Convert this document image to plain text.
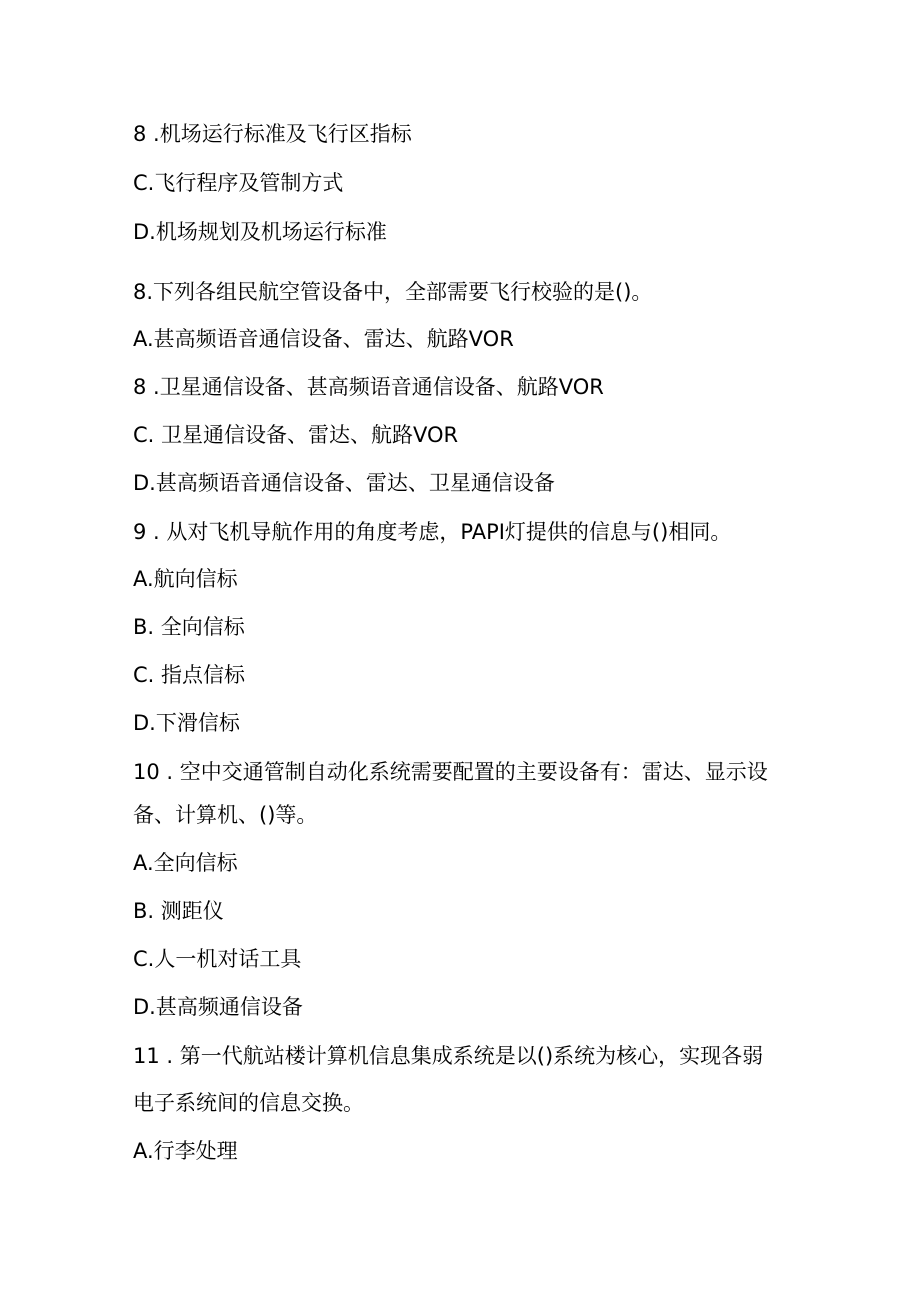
8 .机场运行标准及飞行区指标

C.飞行程序及管制方式

D.机场规划及机场运行标准

8.下列各组民航空管设备中，全部需要飞行校验的是()。

A.甚高频语音通信设备、雷达、航路VOR

8 .卫星通信设备、甚高频语音通信设备、航路VOR

C. 卫星通信设备、雷达、航路VOR

D.甚高频语音通信设备、雷达、卫星通信设备

9 . 从对飞机导航作用的角度考虑，PAPI灯提供的信息与()相同。

A.航向信标

B. 全向信标

C. 指点信标

D.下滑信标

10 . 空中交通管制自动化系统需要配置的主要设备有：雷达、显示设

备、计算机、()等。

A.全向信标

B. 测距仪

C.人一机对话工具

D.甚高频通信设备

11 . 第一代航站楼计算机信息集成系统是以()系统为核心，实现各弱

电子系统间的信息交换。

A.行李处理
